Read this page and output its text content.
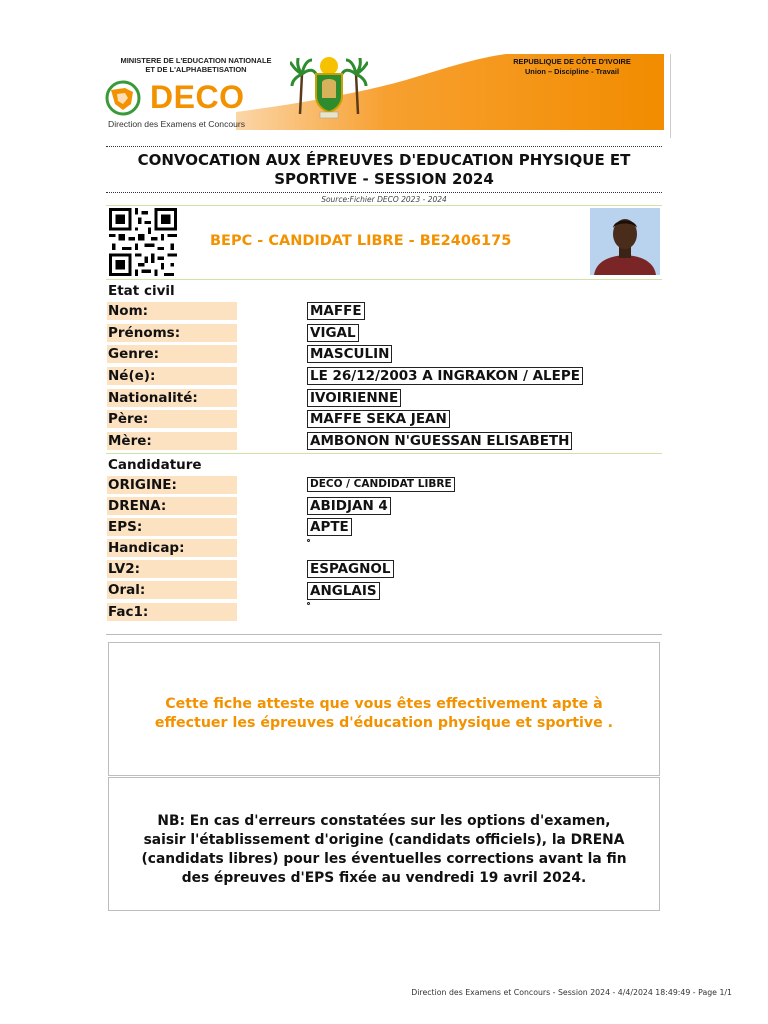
MINISTERE DE L'EDUCATION NATIONALE
ET DE L'ALPHABETISATION
DECO
Direction des Examens et Concours
REPUBLIQUE DE CÔTE D'IVOIRE
Union – Discipline - Travail
CONVOCATION AUX ÉPREUVES D'EDUCATION PHYSIQUE ET
SPORTIVE - SESSION 2024
Source:Fichier DECO 2023 - 2024
BEPC - CANDIDAT LIBRE - BE2406175
Etat civil
Nom:	MAFFE
Prénoms:	VIGAL
Genre:	MASCULIN
Né(e):	LE 26/12/2003 A INGRAKON / ALEPE
Nationalité:	IVOIRIENNE
Père:	MAFFE SEKA JEAN
Mère:	AMBONON N'GUESSAN ELISABETH
Candidature
ORIGINE:	DECO / CANDIDAT LIBRE
DRENA:	ABIDJAN 4
EPS:	APTE
Handicap:
LV2:	ESPAGNOL
Oral:	ANGLAIS
Fac1:
Cette fiche atteste que vous êtes effectivement apte à
effectuer les épreuves d'éducation physique et sportive .
NB: En cas d'erreurs constatées sur les options d'examen,
saisir l'établissement d'origine (candidats officiels), la DRENA
(candidats libres) pour les éventuelles corrections avant la fin
des épreuves d'EPS fixée au vendredi 19 avril 2024.
Direction des Examens et Concours - Session 2024 - 4/4/2024 18:49:49 - Page 1/1
